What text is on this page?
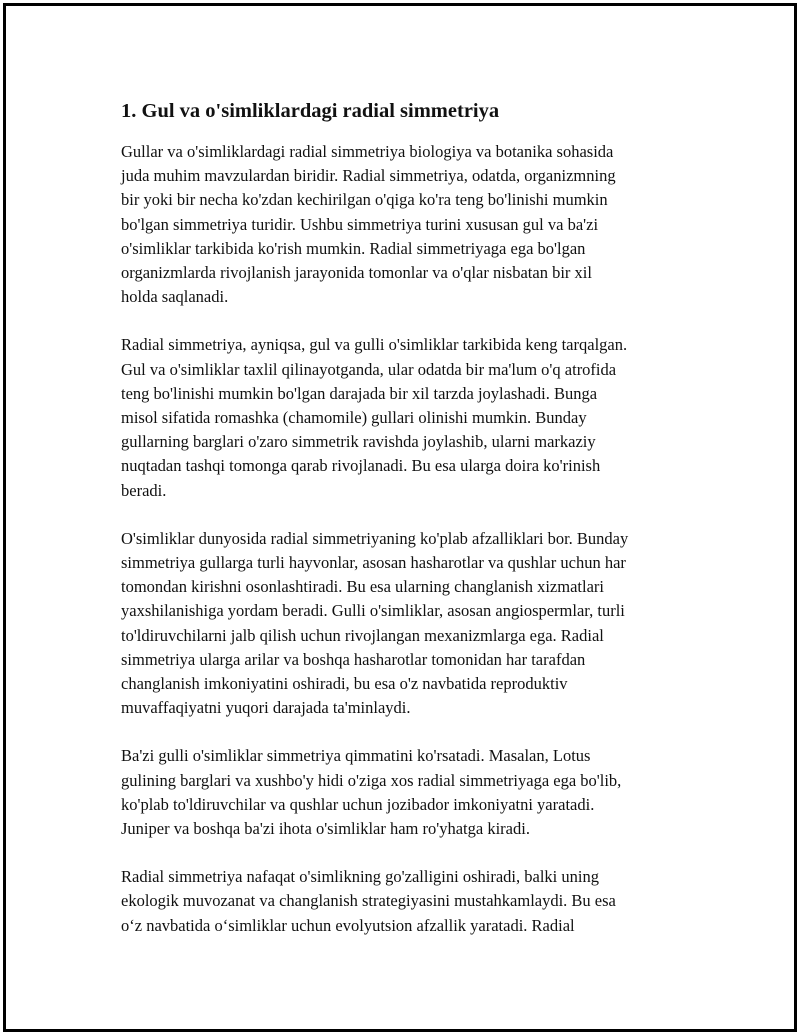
1. Gul va o'simliklardagi radial simmetriya
Gullar va o'simliklardagi radial simmetriya biologiya va botanika sohasida
juda muhim mavzulardan biridir. Radial simmetriya, odatda, organizmning
bir yoki bir necha ko'zdan kechirilgan o'qiga ko'ra teng bo'linishi mumkin
bo'lgan simmetriya turidir. Ushbu simmetriya turini xususan gul va ba'zi
o'simliklar tarkibida ko'rish mumkin. Radial simmetriyaga ega bo'lgan
organizmlarda rivojlanish jarayonida tomonlar va o'qlar nisbatan bir xil
holda saqlanadi.
Radial simmetriya, ayniqsa, gul va gulli o'simliklar tarkibida keng tarqalgan.
Gul va o'simliklar taxlil qilinayotganda, ular odatda bir ma'lum o'q atrofida
teng bo'linishi mumkin bo'lgan darajada bir xil tarzda joylashadi. Bunga
misol sifatida romashka (chamomile) gullari olinishi mumkin. Bunday
gullarning barglari o'zaro simmetrik ravishda joylashib, ularni markaziy
nuqtadan tashqi tomonga qarab rivojlanadi. Bu esa ularga doira ko'rinish
beradi.
O'simliklar dunyosida radial simmetriyaning ko'plab afzalliklari bor. Bunday
simmetriya gullarga turli hayvonlar, asosan hasharotlar va qushlar uchun har
tomondan kirishni osonlashtiradi. Bu esa ularning changlanish xizmatlari
yaxshilanishiga yordam beradi. Gulli o'simliklar, asosan angiospermlar, turli
to'ldiruvchilarni jalb qilish uchun rivojlangan mexanizmlarga ega. Radial
simmetriya ularga arilar va boshqa hasharotlar tomonidan har tarafdan
changlanish imkoniyatini oshiradi, bu esa o'z navbatida reproduktiv
muvaffaqiyatni yuqori darajada ta'minlaydi.
Ba'zi gulli o'simliklar simmetriya qimmatini ko'rsatadi. Masalan, Lotus
gulining barglari va xushbo'y hidi o'ziga xos radial simmetriyaga ega bo'lib,
ko'plab to'ldiruvchilar va qushlar uchun jozibador imkoniyatni yaratadi.
Juniper va boshqa ba'zi ihota o'simliklar ham ro'yhatga kiradi.
Radial simmetriya nafaqat o'simlikning go'zalligini oshiradi, balki uning
ekologik muvozanat va changlanish strategiyasini mustahkamlaydi. Bu esa
o‘z navbatida o‘simliklar uchun evolyutsion afzallik yaratadi. Radial
